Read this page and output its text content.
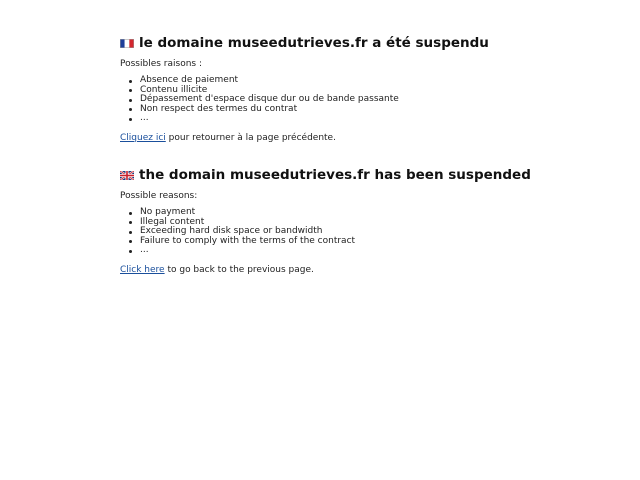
le domaine museedutrieves.fr a été suspendu
Possibles raisons :
Absence de paiement
Contenu illicite
Dépassement d'espace disque dur ou de bande passante
Non respect des termes du contrat
...
Cliquez ici pour retourner à la page précédente.
the domain museedutrieves.fr has been suspended
Possible reasons:
No payment
Illegal content
Exceeding hard disk space or bandwidth
Failure to comply with the terms of the contract
...
Click here to go back to the previous page.
